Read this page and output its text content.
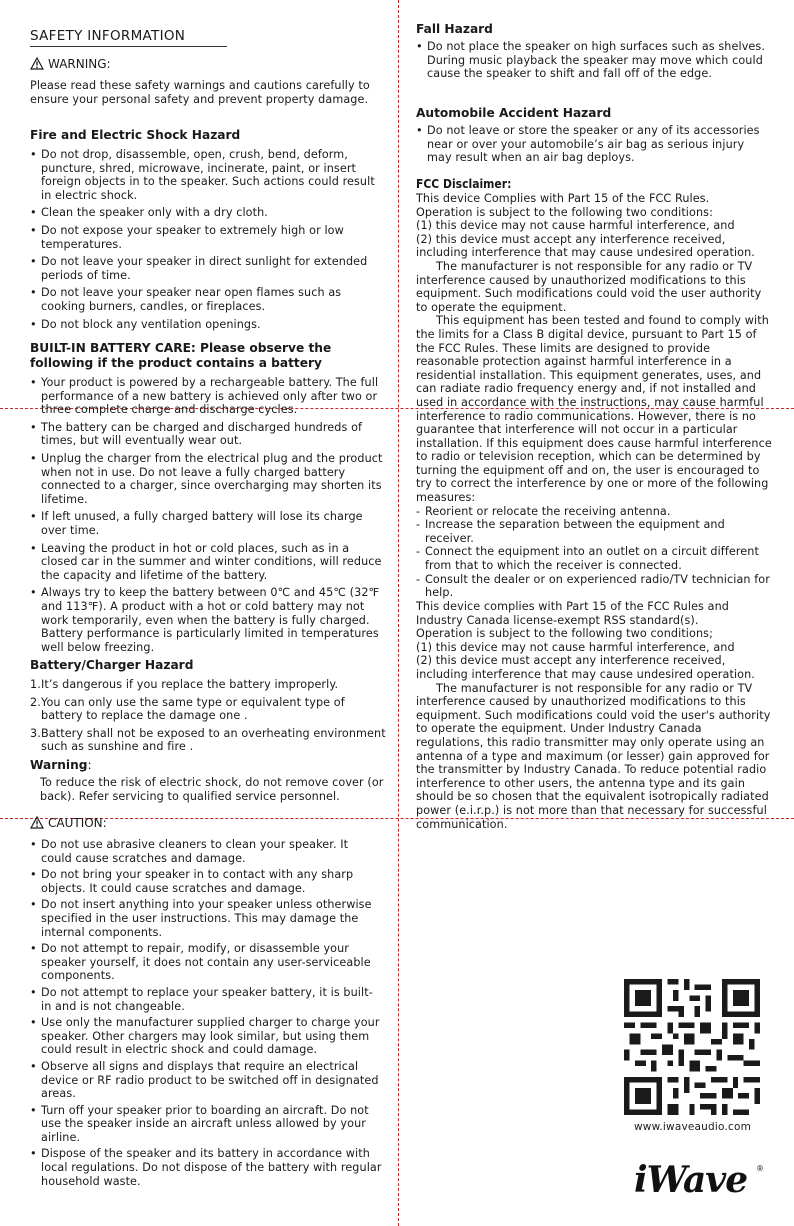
SAFETY INFORMATION
WARNING:
Please read these safety warnings and cautions carefully to ensure your personal safety and prevent property damage.
Fire and Electric Shock Hazard
• Do not drop, disassemble, open, crush, bend, deform, puncture, shred, microwave, incinerate, paint, or insert foreign objects in to the speaker. Such actions could result in electric shock.
• Clean the speaker only with a dry cloth.
• Do not expose your speaker to extremely high or low temperatures.
• Do not leave your speaker in direct sunlight for extended periods of time.
• Do not leave your speaker near open flames such as cooking burners, candles, or fireplaces.
• Do not block any ventilation openings.
BUILT-IN BATTERY CARE: Please observe the following if the product contains a battery
• Your product is powered by a rechargeable battery. The full performance of a new battery is achieved only after two or three complete charge and discharge cycles.
• The battery can be charged and discharged hundreds of times, but will eventually wear out.
• Unplug the charger from the electrical plug and the product when not in use. Do not leave a fully charged battery connected to a charger, since overcharging may shorten its lifetime.
• If left unused, a fully charged battery will lose its charge over time.
• Leaving the product in hot or cold places, such as in a closed car in the summer and winter conditions, will reduce the capacity and lifetime of the battery.
• Always try to keep the battery between 0℃ and 45℃ (32℉ and 113℉). A product with a hot or cold battery may not work temporarily, even when the battery is fully charged. Battery performance is particularly limited in temperatures well below freezing.
Battery/Charger Hazard
1. It’s dangerous if you replace the battery improperly.
2. You can only use the same type or equivalent type of battery to replace the damage one .
3. Battery shall not be exposed to an overheating environment such as sunshine and fire .
Warning:
To reduce the risk of electric shock, do not remove cover (or back). Refer servicing to qualified service personnel.
CAUTION:
• Do not use abrasive cleaners to clean your speaker. It could cause scratches and damage.
• Do not bring your speaker in to contact with any sharp objects. It could cause scratches and damage.
• Do not insert anything into your speaker unless otherwise specified in the user instructions. This may damage the internal components.
• Do not attempt to repair, modify, or disassemble your speaker yourself, it does not contain any user-serviceable components.
• Do not attempt to replace your speaker battery, it is built-in and is not changeable.
• Use only the manufacturer supplied charger to charge your speaker. Other chargers may look similar, but using them could result in electric shock and could damage.
• Observe all signs and displays that require an electrical device or RF radio product to be switched off in designated areas.
• Turn off your speaker prior to boarding an aircraft. Do not use the speaker inside an aircraft unless allowed by your airline.
• Dispose of the speaker and its battery in accordance with local regulations. Do not dispose of the battery with regular household waste.
Fall Hazard
• Do not place the speaker on high surfaces such as shelves. During music playback the speaker may move which could cause the speaker to shift and fall off of the edge.
Automobile Accident Hazard
• Do not leave or store the speaker or any of its accessories near or over your automobile’s air bag as serious injury may result when an air bag deploys.
FCC Disclaimer:
This device Complies with Part 15 of the FCC Rules.
Operation is subject to the following two conditions:
(1) this device may not cause harmful interference, and
(2) this device must accept any interference received, including interference that may cause undesired operation.
The manufacturer is not responsible for any radio or TV interference caused by unauthorized modifications to this equipment. Such modifications could void the user authority to operate the equipment.
This equipment has been tested and found to comply with the limits for a Class B digital device, pursuant to Part 15 of the FCC Rules. These limits are designed to provide reasonable protection against harmful interference in a residential installation. This equipment generates, uses, and can radiate radio frequency energy and, if not installed and used in accordance with the instructions, may cause harmful interference to radio communications. However, there is no guarantee that interference will not occur in a particular installation. If this equipment does cause harmful interference to radio or television reception, which can be determined by turning the equipment off and on, the user is encouraged to try to correct the interference by one or more of the following measures:
- Reorient or relocate the receiving antenna.
- Increase the separation between the equipment and receiver.
- Connect the equipment into an outlet on a circuit different from that to which the receiver is connected.
- Consult the dealer or on experienced radio/TV technician for help.
This device complies with Part 15 of the FCC Rules and Industry Canada license-exempt RSS standard(s).
Operation is subject to the following two conditions;
(1) this device may not cause harmful interference, and
(2) this device must accept any interference received, including interference that may cause undesired operation.
The manufacturer is not responsible for any radio or TV interference caused by unauthorized modifications to this equipment. Such modifications could void the user's authority to operate the equipment. Under Industry Canada regulations, this radio transmitter may only operate using an antenna of a type and maximum (or lesser) gain approved for the transmitter by Industry Canada. To reduce potential radio interference to other users, the antenna type and its gain should be so chosen that the equivalent isotropically radiated power (e.i.r.p.) is not more than that necessary for successful communication.
www.iwaveaudio.com
iWave ®
